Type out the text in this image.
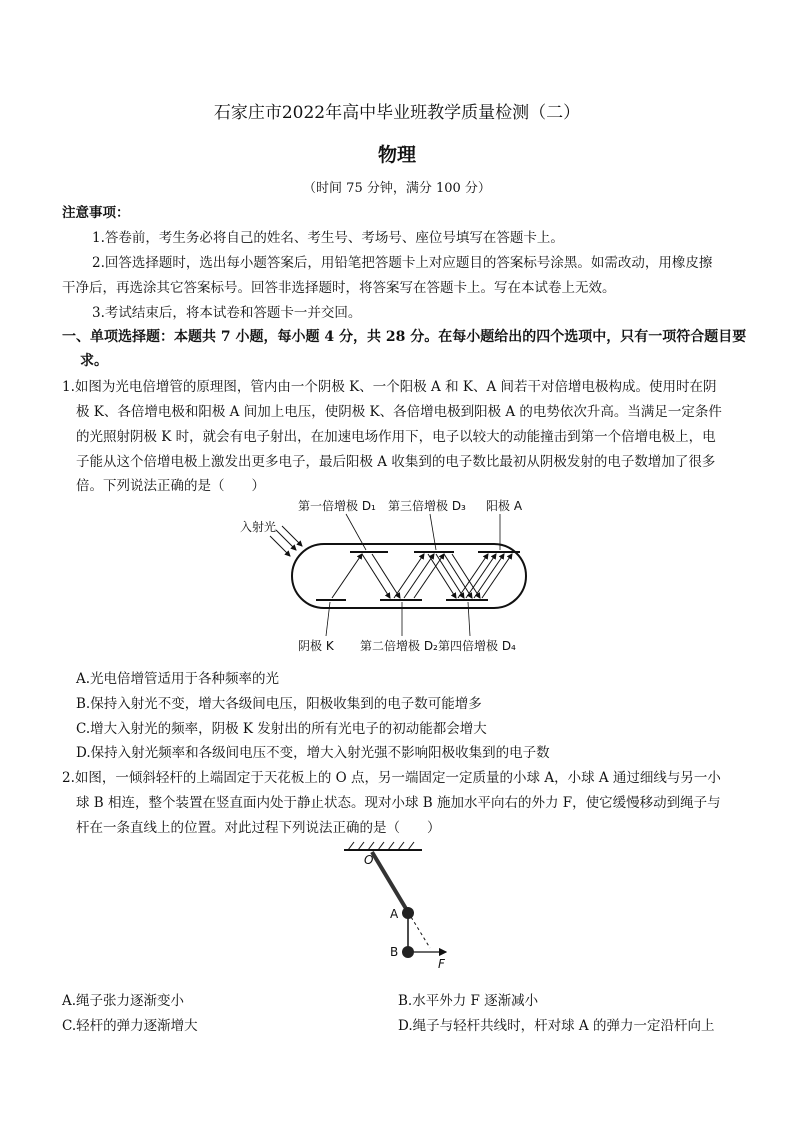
石家庄市2022年高中毕业班教学质量检测（二）
物理
（时间 75 分钟，满分 100 分）
注意事项：
1.答卷前，考生务必将自己的姓名、考生号、考场号、座位号填写在答题卡上。
2.回答选择题时，选出每小题答案后，用铅笔把答题卡上对应题目的答案标号涂黑。如需改动，用橡皮擦
干净后，再选涂其它答案标号。回答非选择题时，将答案写在答题卡上。写在本试卷上无效。
3.考试结束后，将本试卷和答题卡一并交回。
一、单项选择题：本题共 7 小题，每小题 4 分，共 28 分。在每小题给出的四个选项中，只有一项符合题目要
求。
1.如图为光电倍增管的原理图，管内由一个阴极 K、一个阳极 A 和 K、A 间若干对倍增电极构成。使用时在阴
极 K、各倍增电极和阳极 A 间加上电压，使阴极 K、各倍增电极到阳极 A 的电势依次升高。当满足一定条件
的光照射阴极 K 时，就会有电子射出，在加速电场作用下，电子以较大的动能撞击到第一个倍增电极上，电
子能从这个倍增电极上激发出更多电子，最后阳极 A 收集到的电子数比最初从阴极发射的电子数增加了很多
倍。下列说法正确的是（　　）
入射光
第一倍增极 D₁ 第三倍增极 D₃ 阳极 A
阴极 K 第二倍增极 D₂ 第四倍增极 D₄
A.光电倍增管适用于各种频率的光
B.保持入射光不变，增大各级间电压，阳极收集到的电子数可能增多
C.增大入射光的频率，阴极 K 发射出的所有光电子的初动能都会增大
D.保持入射光频率和各级间电压不变，增大入射光强不影响阳极收集到的电子数
2.如图，一倾斜轻杆的上端固定于天花板上的 O 点，另一端固定一定质量的小球 A，小球 A 通过细线与另一小
球 B 相连，整个装置在竖直面内处于静止状态。现对小球 B 施加水平向右的外力 F，使它缓慢移动到绳子与
杆在一条直线上的位置。对此过程下列说法正确的是（　　）
O
A
B
F
A.绳子张力逐渐变小	B.水平外力 F 逐渐减小
C.轻杆的弹力逐渐增大	D.绳子与轻杆共线时，杆对球 A 的弹力一定沿杆向上
